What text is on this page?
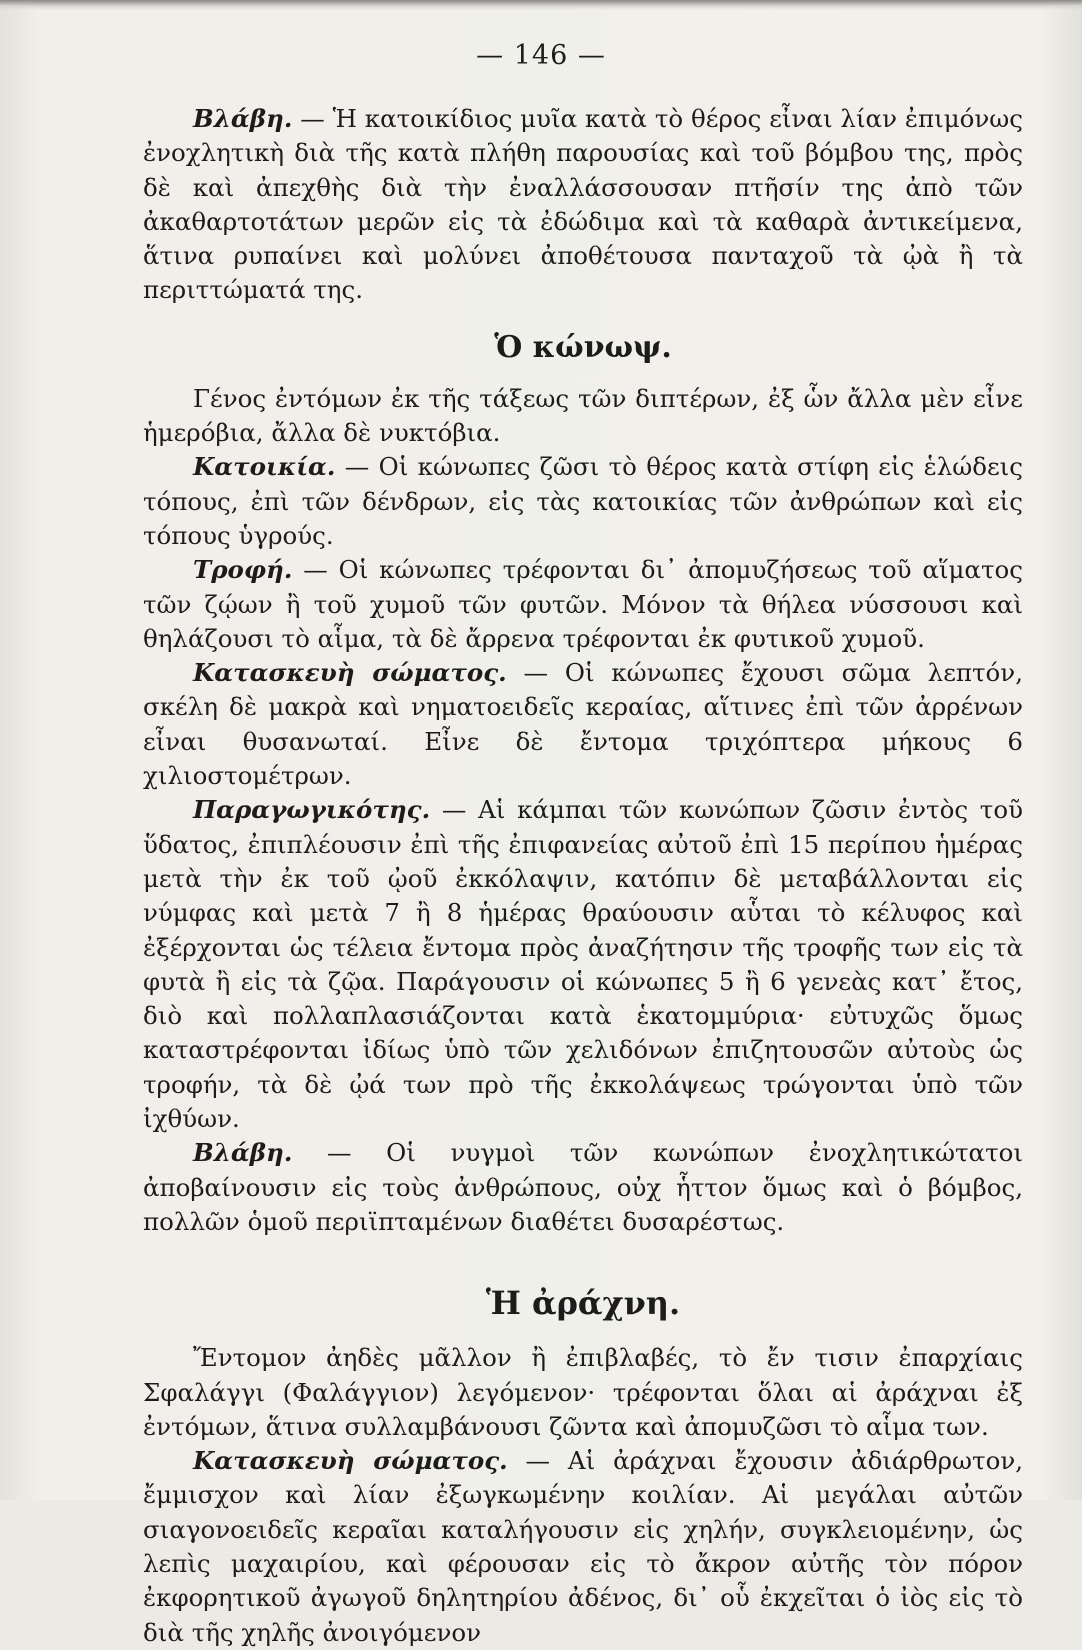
— 146 —

Βλάβη. — Ἡ κατοικίδιος μυῖα κατὰ τὸ θέρος εἶναι λίαν ἐπιμόνως ἐνοχλητικὴ διὰ τῆς κατὰ πλήθη παρουσίας καὶ τοῦ βόμβου της, πρὸς δὲ καὶ ἀπεχθὴς διὰ τὴν ἐναλλάσσουσαν πτῆσίν της ἀπὸ τῶν ἀκαθαρτοτάτων μερῶν εἰς τὰ ἐδώδιμα καὶ τὰ καθαρὰ ἀντικείμενα, ἅτινα ρυπαίνει καὶ μολύνει ἀποθέτουσα πανταχοῦ τὰ ᾠὰ ἢ τὰ περιττώματά της.

Ὁ κώνωψ.

Γένος ἐντόμων ἐκ τῆς τάξεως τῶν διπτέρων, ἐξ ὧν ἄλλα μὲν εἶνε ἡμερόβια, ἄλλα δὲ νυκτόβια.

Κατοικία. — Οἱ κώνωπες ζῶσι τὸ θέρος κατὰ στίφη εἰς ἑλώδεις τόπους, ἐπὶ τῶν δένδρων, εἰς τὰς κατοικίας τῶν ἀνθρώπων καὶ εἰς τόπους ὑγρούς.

Τροφή. — Οἱ κώνωπες τρέφονται δι᾽ ἀπομυζήσεως τοῦ αἵματος τῶν ζῴων ἢ τοῦ χυμοῦ τῶν φυτῶν. Μόνον τὰ θήλεα νύσσουσι καὶ θηλάζουσι τὸ αἷμα, τὰ δὲ ἄρρενα τρέφονται ἐκ φυτικοῦ χυμοῦ.

Κατασκευὴ σώματος. — Οἱ κώνωπες ἔχουσι σῶμα λεπτόν, σκέλη δὲ μακρὰ καὶ νηματοειδεῖς κεραίας, αἵτινες ἐπὶ τῶν ἀρρένων εἶναι θυσανωταί. Εἶνε δὲ ἔντομα τριχόπτερα μήκους 6 χιλιοστομέτρων.

Παραγωγικότης. — Αἱ κάμπαι τῶν κωνώπων ζῶσιν ἐντὸς τοῦ ὕδατος, ἐπιπλέουσιν ἐπὶ τῆς ἐπιφανείας αὐτοῦ ἐπὶ 15 περίπου ἡμέρας μετὰ τὴν ἐκ τοῦ ᾠοῦ ἐκκόλαψιν, κατόπιν δὲ μεταβάλλονται εἰς νύμφας καὶ μετὰ 7 ἢ 8 ἡμέρας θραύουσιν αὗται τὸ κέλυφος καὶ ἐξέρχονται ὡς τέλεια ἔντομα πρὸς ἀναζήτησιν τῆς τροφῆς των εἰς τὰ φυτὰ ἢ εἰς τὰ ζῷα. Παράγουσιν οἱ κώνωπες 5 ἢ 6 γενεὰς κατ᾽ ἔτος, διὸ καὶ πολλαπλασιάζονται κατὰ ἑκατομμύρια· εὐτυχῶς ὅμως καταστρέφονται ἰδίως ὑπὸ τῶν χελιδόνων ἐπιζητουσῶν αὐτοὺς ὡς τροφήν, τὰ δὲ ᾠά των πρὸ τῆς ἐκκολάψεως τρώγονται ὑπὸ τῶν ἰχθύων.

Βλάβη. — Οἱ νυγμοὶ τῶν κωνώπων ἐνοχλητικώτατοι ἀποβαίνουσιν εἰς τοὺς ἀνθρώπους, οὐχ ἧττον ὅμως καὶ ὁ βόμβος, πολλῶν ὁμοῦ περιϊπταμένων διαθέτει δυσαρέστως.

Ἡ ἀράχνη.

Ἔντομον ἀηδὲς μᾶλλον ἢ ἐπιβλαβές, τὸ ἔν τισιν ἐπαρχίαις Σφαλάγγι (Φαλάγγιον) λεγόμενον· τρέφονται ὅλαι αἱ ἀράχναι ἐξ ἐντόμων, ἅτινα συλλαμβάνουσι ζῶντα καὶ ἀπομυζῶσι τὸ αἷμα των.

Κατασκευὴ σώματος. — Αἱ ἀράχναι ἔχουσιν ἀδιάρθρωτον, ἔμμισχον καὶ λίαν ἐξωγκωμένην κοιλίαν. Αἱ μεγάλαι αὐτῶν σιαγονοειδεῖς κεραῖαι καταλήγουσιν εἰς χηλήν, συγκλειομένην, ὡς λεπὶς μαχαιρίου, καὶ φέρουσαν εἰς τὸ ἄκρον αὐτῆς τὸν πόρον ἐκφορητικοῦ ἀγωγοῦ δηλητηρίου ἀδένος, δι᾽ οὗ ἐκχεῖται ὁ ἰὸς εἰς τὸ διὰ τῆς χηλῆς ἀνοιγόμενον
